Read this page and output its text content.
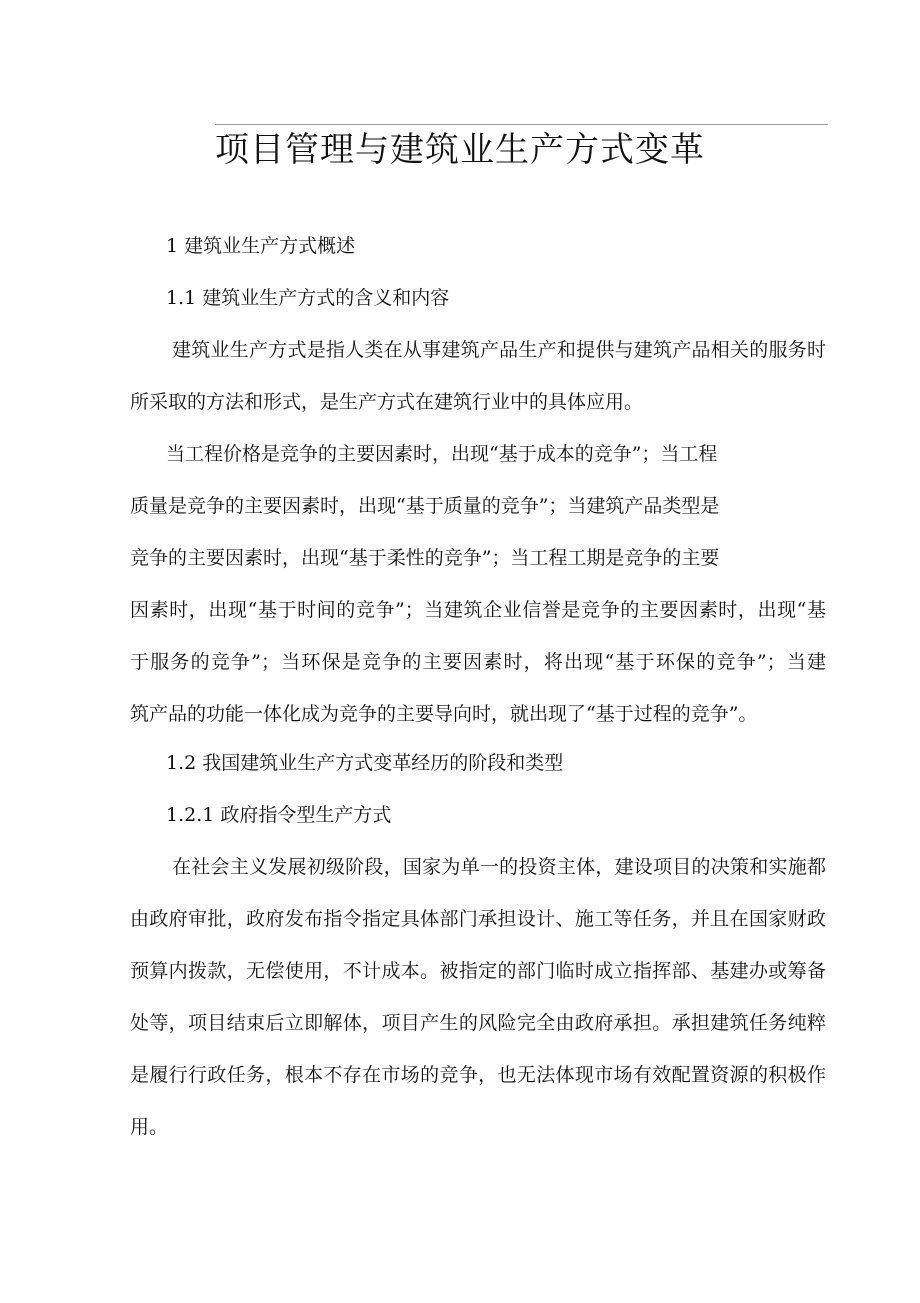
项目管理与建筑业生产方式变革
1 建筑业生产方式概述
1.1 建筑业生产方式的含义和内容
建筑业生产方式是指人类在从事建筑产品生产和提供与建筑产品相关的服务时
所采取的方法和形式，是生产方式在建筑行业中的具体应用。
当工程价格是竞争的主要因素时，出现“基于成本的竞争”；当工程
质量是竞争的主要因素时，出现“基于质量的竞争”；当建筑产品类型是
竞争的主要因素时，出现“基于柔性的竞争”；当工程工期是竞争的主要
因素时，出现“基于时间的竞争”；当建筑企业信誉是竞争的主要因素时，出现“基
于服务的竞争”；当环保是竞争的主要因素时，将出现“基于环保的竞争”；当建
筑产品的功能一体化成为竞争的主要导向时，就出现了“基于过程的竞争”。
1.2 我国建筑业生产方式变革经历的阶段和类型
1.2.1 政府指令型生产方式
在社会主义发展初级阶段，国家为单一的投资主体，建设项目的决策和实施都
由政府审批，政府发布指令指定具体部门承担设计、施工等任务，并且在国家财政
预算内拨款，无偿使用，不计成本。被指定的部门临时成立指挥部、基建办或筹备
处等，项目结束后立即解体，项目产生的风险完全由政府承担。承担建筑任务纯粹
是履行行政任务，根本不存在市场的竞争，也无法体现市场有效配置资源的积极作
用。
